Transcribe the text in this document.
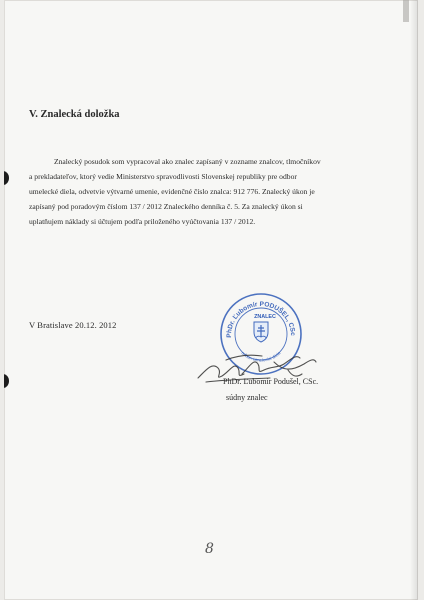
V. Znalecká doložka
Znalecký posudok som vypracoval ako znalec zapísaný v zozname znalcov, tlmočníkov
a prekladateľov, ktorý vedie Ministerstvo spravodlivosti Slovenskej republiky pre odbor
umelecké diela, odvetvie výtvarné umenie, evidenčné číslo znalca: 912 776. Znalecký úkon je
zapísaný pod poradovým číslom 137 / 2012 Znaleckého denníka č. 5. Za znalecký úkon si
uplatňujem náklady si účtujem podľa priloženého vyúčtovania 137 / 2012.
V Bratislave 20.12. 2012
PhDr. Ľubomír PODUŠEL, CSc
odbor: Umelecké diela
ZNALEC
PhDr. Ľubomír Podušel, CSc.
súdny znalec
8
